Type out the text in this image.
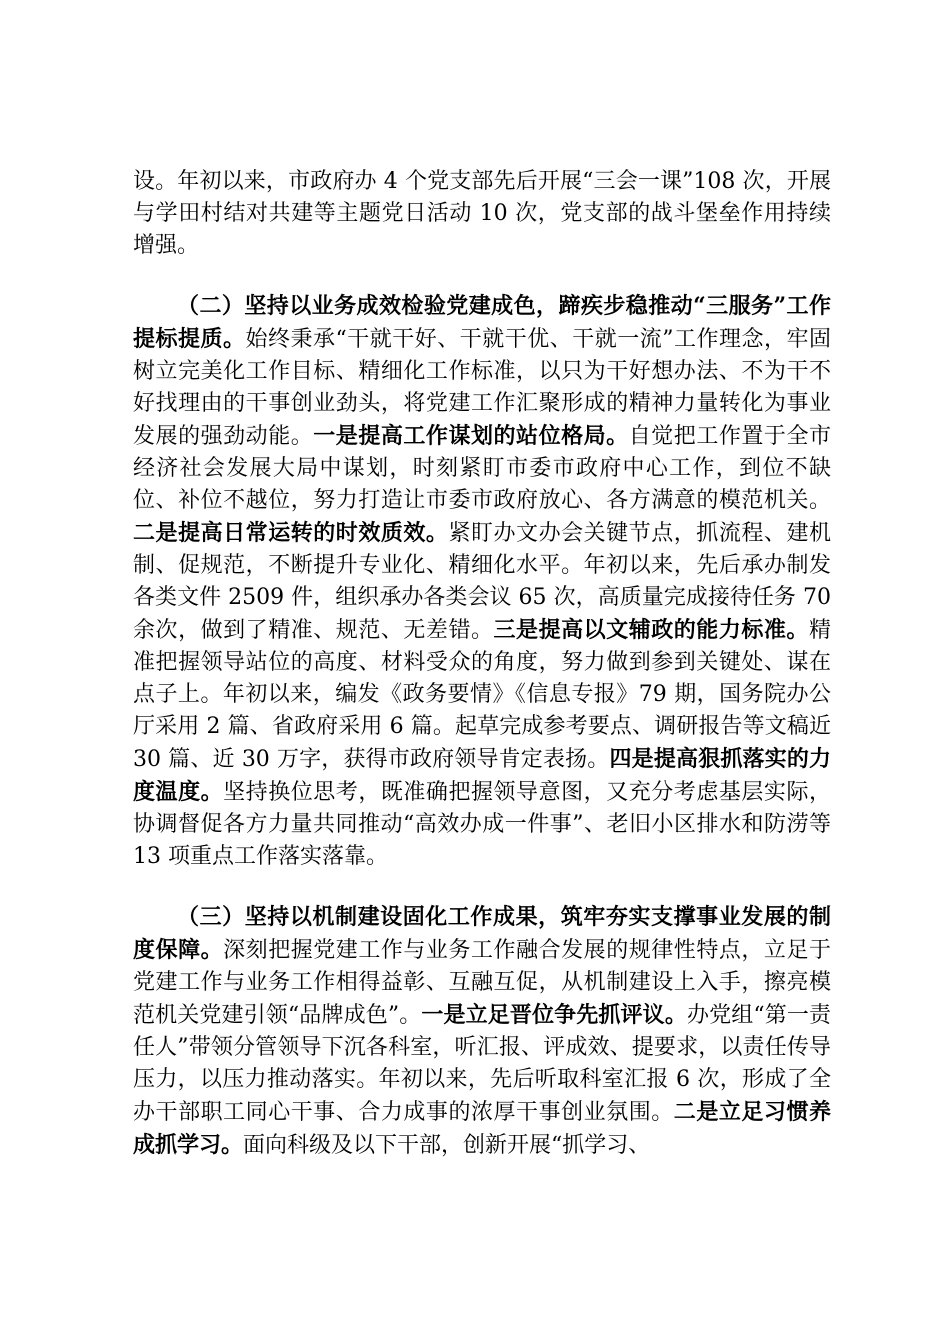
设。年初以来，市政府办 4 个党支部先后开展“三会一课”108 次，开展与学田村结对共建等主题党日活动 10 次，党支部的战斗堡垒作用持续增强。

（二）坚持以业务成效检验党建成色，蹄疾步稳推动“三服务”工作提标提质。始终秉承“干就干好、干就干优、干就一流”工作理念，牢固树立完美化工作目标、精细化工作标准，以只为干好想办法、不为干不好找理由的干事创业劲头，将党建工作汇聚形成的精神力量转化为事业发展的强劲动能。一是提高工作谋划的站位格局。自觉把工作置于全市经济社会发展大局中谋划，时刻紧盯市委市政府中心工作，到位不缺位、补位不越位，努力打造让市委市政府放心、各方满意的模范机关。二是提高日常运转的时效质效。紧盯办文办会关键节点，抓流程、建机制、促规范，不断提升专业化、精细化水平。年初以来，先后承办制发各类文件 2509 件，组织承办各类会议 65 次，高质量完成接待任务 70 余次，做到了精准、规范、无差错。三是提高以文辅政的能力标准。精准把握领导站位的高度、材料受众的角度，努力做到参到关键处、谋在点子上。年初以来，编发《政务要情》《信息专报》79 期，国务院办公厅采用 2 篇、省政府采用 6 篇。起草完成参考要点、调研报告等文稿近 30 篇、近 30 万字，获得市政府领导肯定表扬。四是提高狠抓落实的力度温度。坚持换位思考，既准确把握领导意图，又充分考虑基层实际，协调督促各方力量共同推动“高效办成一件事”、老旧小区排水和防涝等 13 项重点工作落实落靠。

（三）坚持以机制建设固化工作成果，筑牢夯实支撑事业发展的制度保障。深刻把握党建工作与业务工作融合发展的规律性特点，立足于党建工作与业务工作相得益彰、互融互促，从机制建设上入手，擦亮模范机关党建引领“品牌成色”。一是立足晋位争先抓评议。办党组“第一责任人”带领分管领导下沉各科室，听汇报、评成效、提要求，以责任传导压力，以压力推动落实。年初以来，先后听取科室汇报 6 次，形成了全办干部职工同心干事、合力成事的浓厚干事创业氛围。二是立足习惯养成抓学习。面向科级及以下干部，创新开展“抓学习、
